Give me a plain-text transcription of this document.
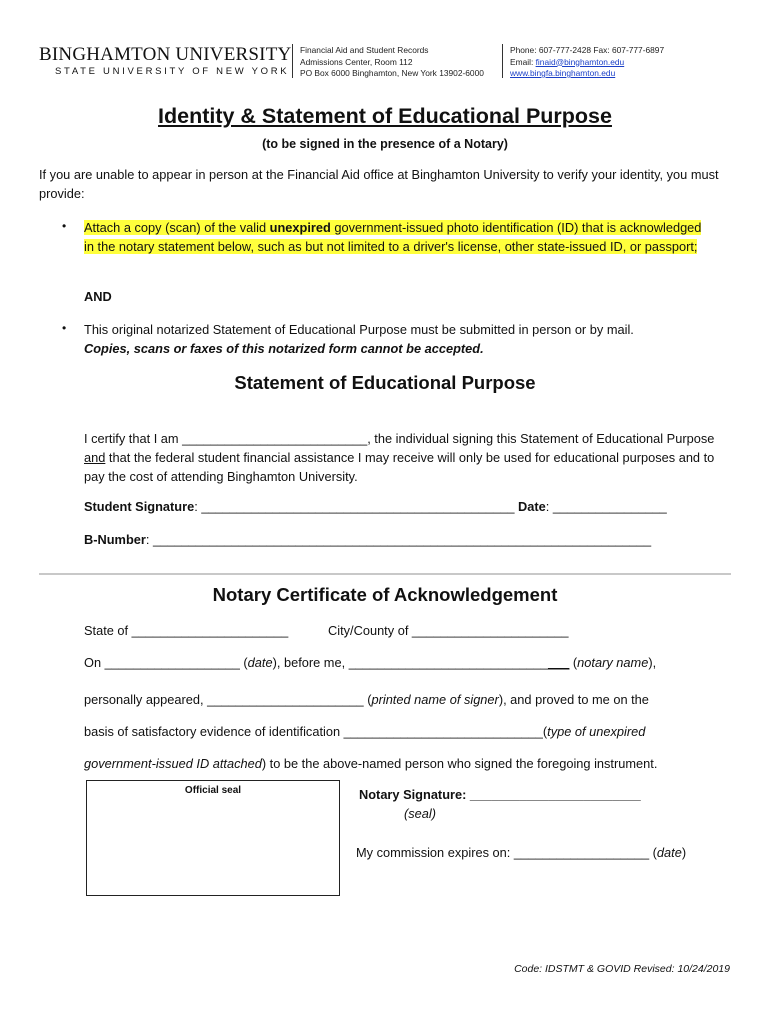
BINGHAMTON UNIVERSITY
STATE UNIVERSITY OF NEW YORK
Financial Aid and Student Records
Admissions Center, Room 112
PO Box 6000 Binghamton, New York 13902-6000
Phone: 607-777-2428 Fax: 607-777-6897
Email: finaid@binghamton.edu
www.bingfa.binghamton.edu
Identity & Statement of Educational Purpose
(to be signed in the presence of a Notary)
If you are unable to appear in person at the Financial Aid office at Binghamton University to verify your identity, you must provide:
• Attach a copy (scan) of the valid unexpired government-issued photo identification (ID) that is acknowledged in the notary statement below, such as but not limited to a driver's license, other state-issued ID, or passport;
AND
• This original notarized Statement of Educational Purpose must be submitted in person or by mail.
Copies, scans or faxes of this notarized form cannot be accepted.
Statement of Educational Purpose
I certify that I am __________________________, the individual signing this Statement of Educational Purpose and that the federal student financial assistance I may receive will only be used for educational purposes and to pay the cost of attending Binghamton University.
Student Signature: ____________________________________________ Date: ________________
B-Number: ______________________________________________________________________
Notary Certificate of Acknowledgement
State of ______________________	City/County of ______________________
On ___________________ (date), before me, _______________________________ (notary name),
personally appeared, ______________________ (printed name of signer), and proved to me on the
basis of satisfactory evidence of identification ____________________________(type of unexpired
government-issued ID attached) to be the above-named person who signed the foregoing instrument.
Official seal	Notary Signature: ________________________
(seal)
My commission expires on: ___________________ (date)
Code: IDSTMT & GOVID Revised: 10/24/2019
